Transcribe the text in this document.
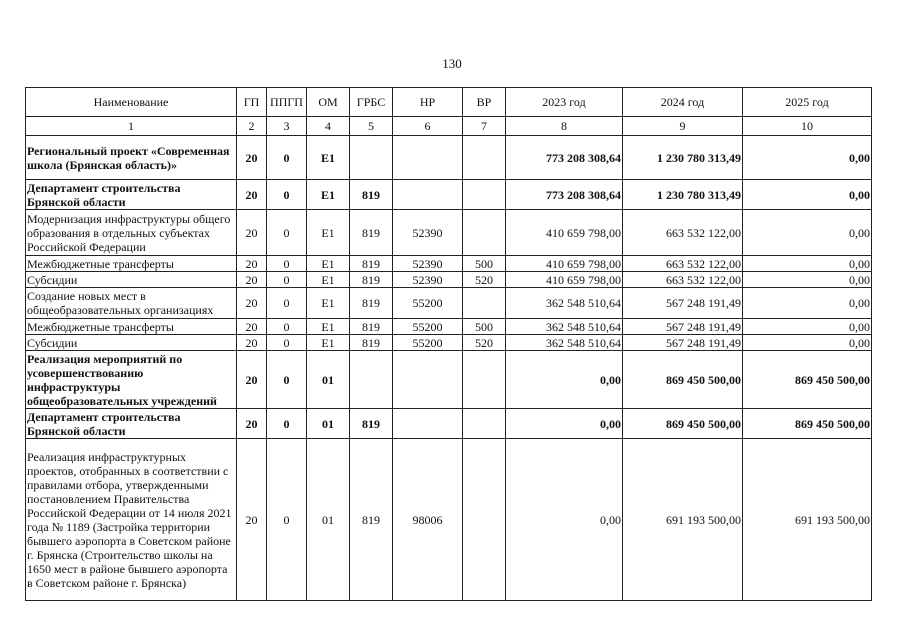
130
Наименование	ГП	ППГП	ОМ	ГРБС	НР	ВР	2023 год	2024 год	2025 год
1	2	3	4	5	6	7	8	9	10
Региональный проект «Современная школа (Брянская область)»	20	0	Е1				773 208 308,64	1 230 780 313,49	0,00
Департамент строительства Брянской области	20	0	Е1	819			773 208 308,64	1 230 780 313,49	0,00
Модернизация инфраструктуры общего образования в отдельных субъектах Российской Федерации	20	0	Е1	819	52390		410 659 798,00	663 532 122,00	0,00
Межбюджетные трансферты	20	0	Е1	819	52390	500	410 659 798,00	663 532 122,00	0,00
Субсидии	20	0	Е1	819	52390	520	410 659 798,00	663 532 122,00	0,00
Создание новых мест в общеобразовательных организациях	20	0	Е1	819	55200		362 548 510,64	567 248 191,49	0,00
Межбюджетные трансферты	20	0	Е1	819	55200	500	362 548 510,64	567 248 191,49	0,00
Субсидии	20	0	Е1	819	55200	520	362 548 510,64	567 248 191,49	0,00
Реализация мероприятий по усовершенствованию инфраструктуры общеобразовательных учреждений	20	0	01				0,00	869 450 500,00	869 450 500,00
Департамент строительства Брянской области	20	0	01	819			0,00	869 450 500,00	869 450 500,00
Реализация инфраструктурных проектов, отобранных в соответствии с правилами отбора, утвержденными постановлением Правительства Российской Федерации от 14 июля 2021 года № 1189 (Застройка территории бывшего аэропорта в Советском районе г. Брянска (Строительство школы на 1650 мест в районе бывшего аэропорта в Советском районе г. Брянска)	20	0	01	819	98006		0,00	691 193 500,00	691 193 500,00
